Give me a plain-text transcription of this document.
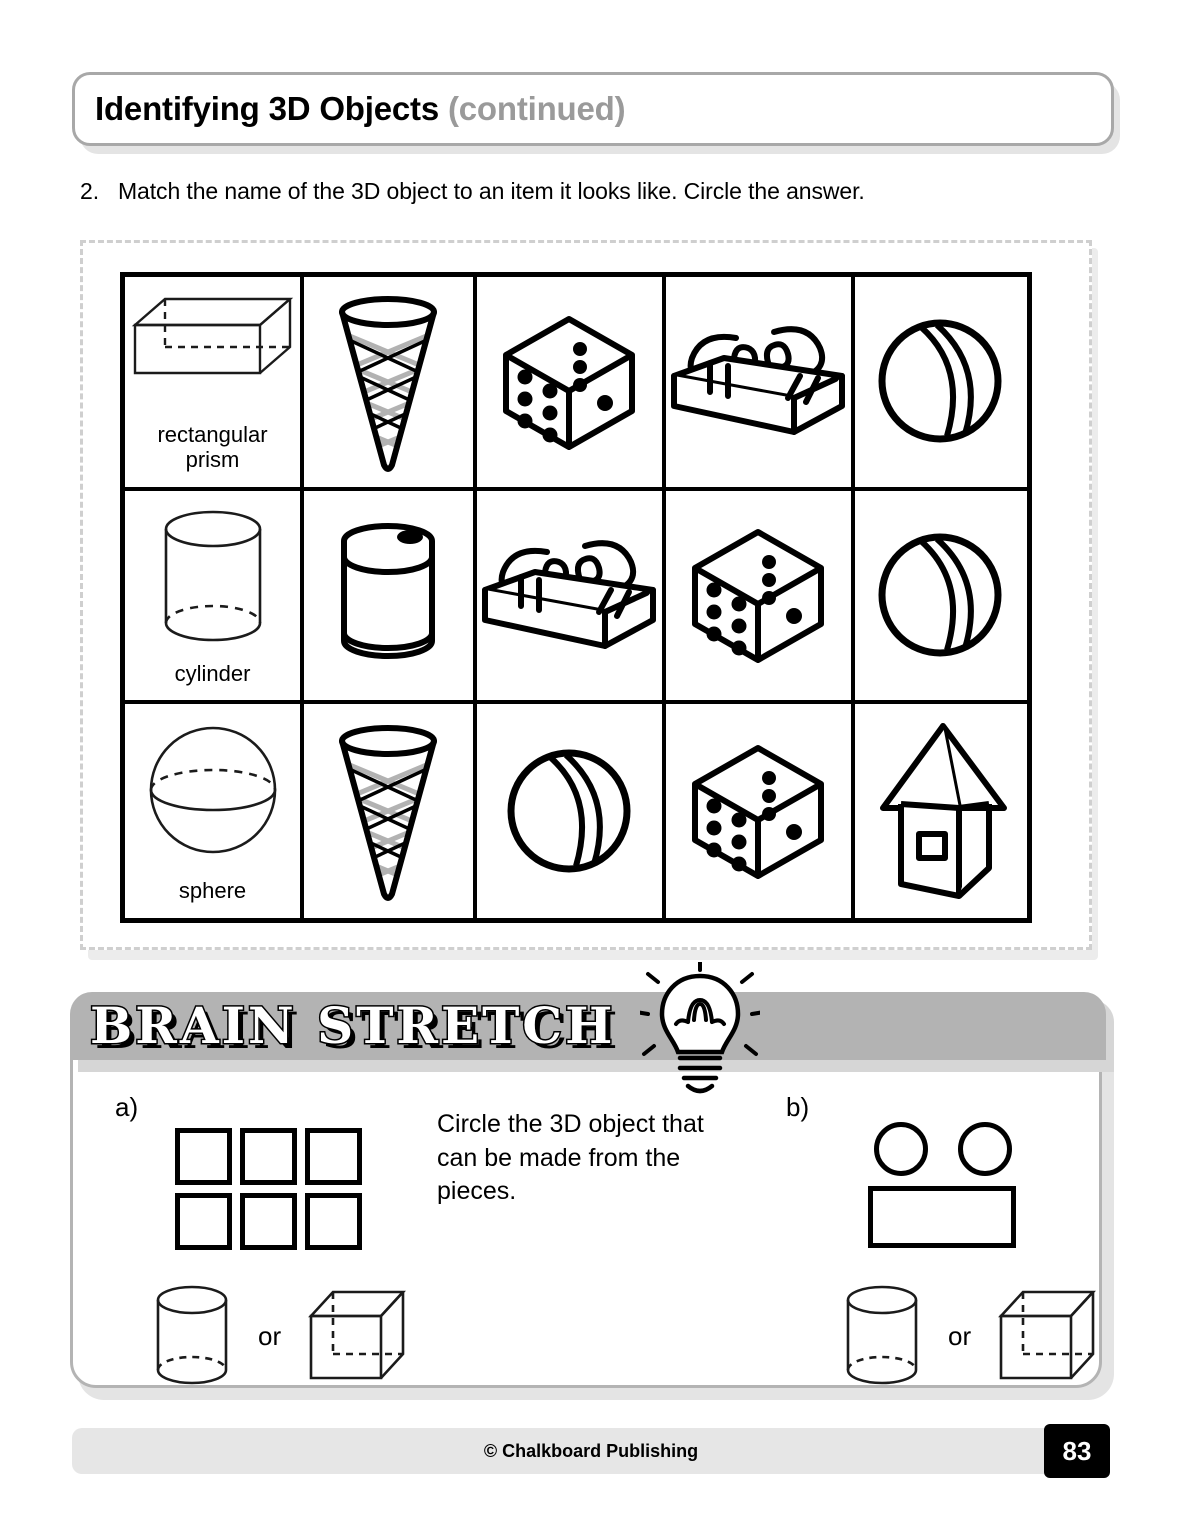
Identifying 3D Objects (continued)
2. Match the name of the 3D object to an item it looks like. Circle the answer.
rectangular
prism
cylinder
sphere
BRAIN STRETCH
a)
Circle the 3D object that can be made from the pieces.
or
b)
or
© Chalkboard Publishing	83
